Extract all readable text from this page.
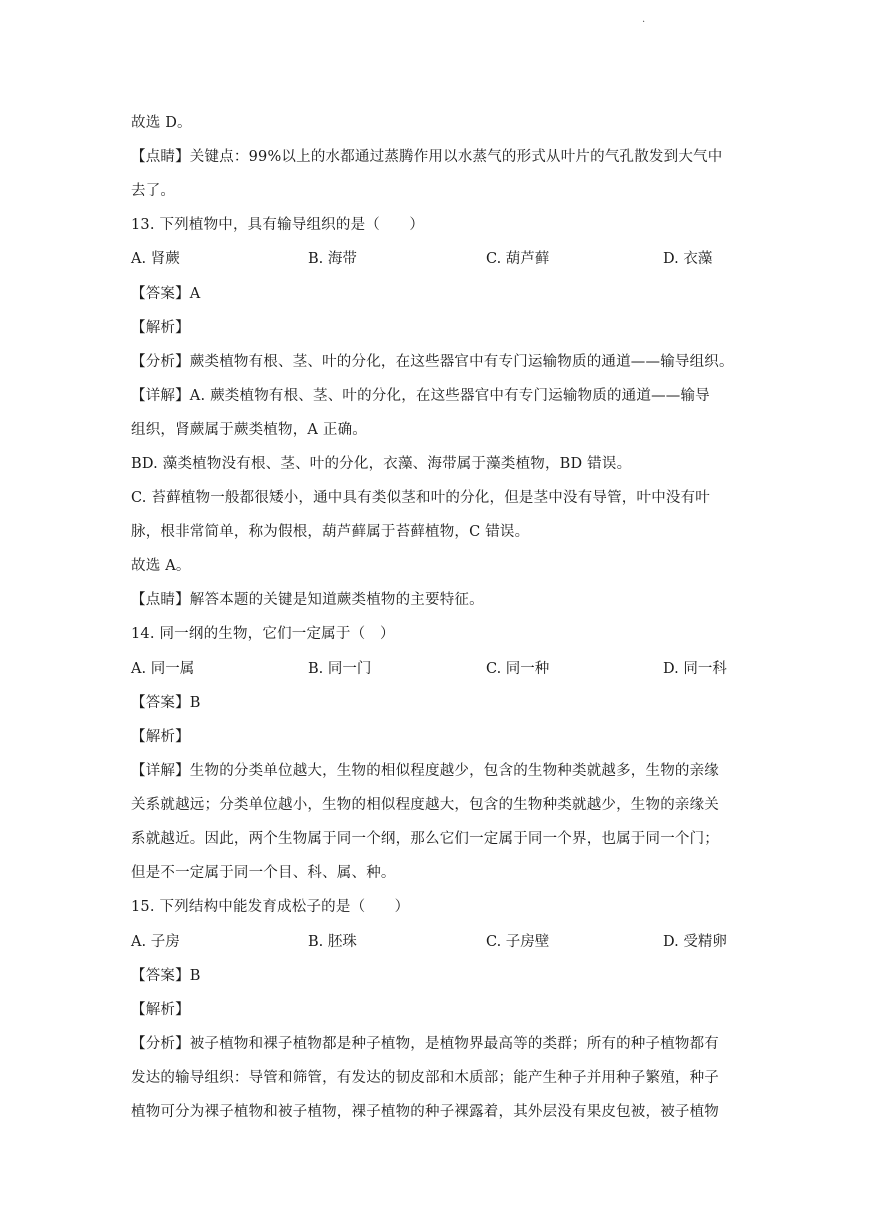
.
故选 D。
【点睛】关键点：99%以上的水都通过蒸腾作用以水蒸气的形式从叶片的气孔散发到大气中
去了。
13. 下列植物中，具有输导组织的是（　　）
A. 肾蕨	B. 海带	C. 葫芦藓	D. 衣藻
【答案】A
【解析】
【分析】蕨类植物有根、茎、叶的分化，在这些器官中有专门运输物质的通道——输导组织。
【详解】A. 蕨类植物有根、茎、叶的分化，在这些器官中有专门运输物质的通道——输导
组织，肾蕨属于蕨类植物，A 正确。
BD. 藻类植物没有根、茎、叶的分化，衣藻、海带属于藻类植物，BD 错误。
C. 苔藓植物一般都很矮小，通中具有类似茎和叶的分化，但是茎中没有导管，叶中没有叶
脉，根非常简单，称为假根，葫芦藓属于苔藓植物，C 错误。
故选 A。
【点睛】解答本题的关键是知道蕨类植物的主要特征。
14. 同一纲的生物，它们一定属于（　）
A. 同一属	B. 同一门	C. 同一种	D. 同一科
【答案】B
【解析】
【详解】生物的分类单位越大，生物的相似程度越少，包含的生物种类就越多，生物的亲缘
关系就越远；分类单位越小，生物的相似程度越大，包含的生物种类就越少，生物的亲缘关
系就越近。因此，两个生物属于同一个纲，那么它们一定属于同一个界，也属于同一个门；
但是不一定属于同一个目、科、属、种。
15. 下列结构中能发育成松子的是（　　）
A. 子房	B. 胚珠	C. 子房壁	D. 受精卵
【答案】B
【解析】
【分析】被子植物和裸子植物都是种子植物，是植物界最高等的类群；所有的种子植物都有
发达的输导组织：导管和筛管，有发达的韧皮部和木质部；能产生种子并用种子繁殖，种子
植物可分为裸子植物和被子植物，裸子植物的种子裸露着，其外层没有果皮包被，被子植物
